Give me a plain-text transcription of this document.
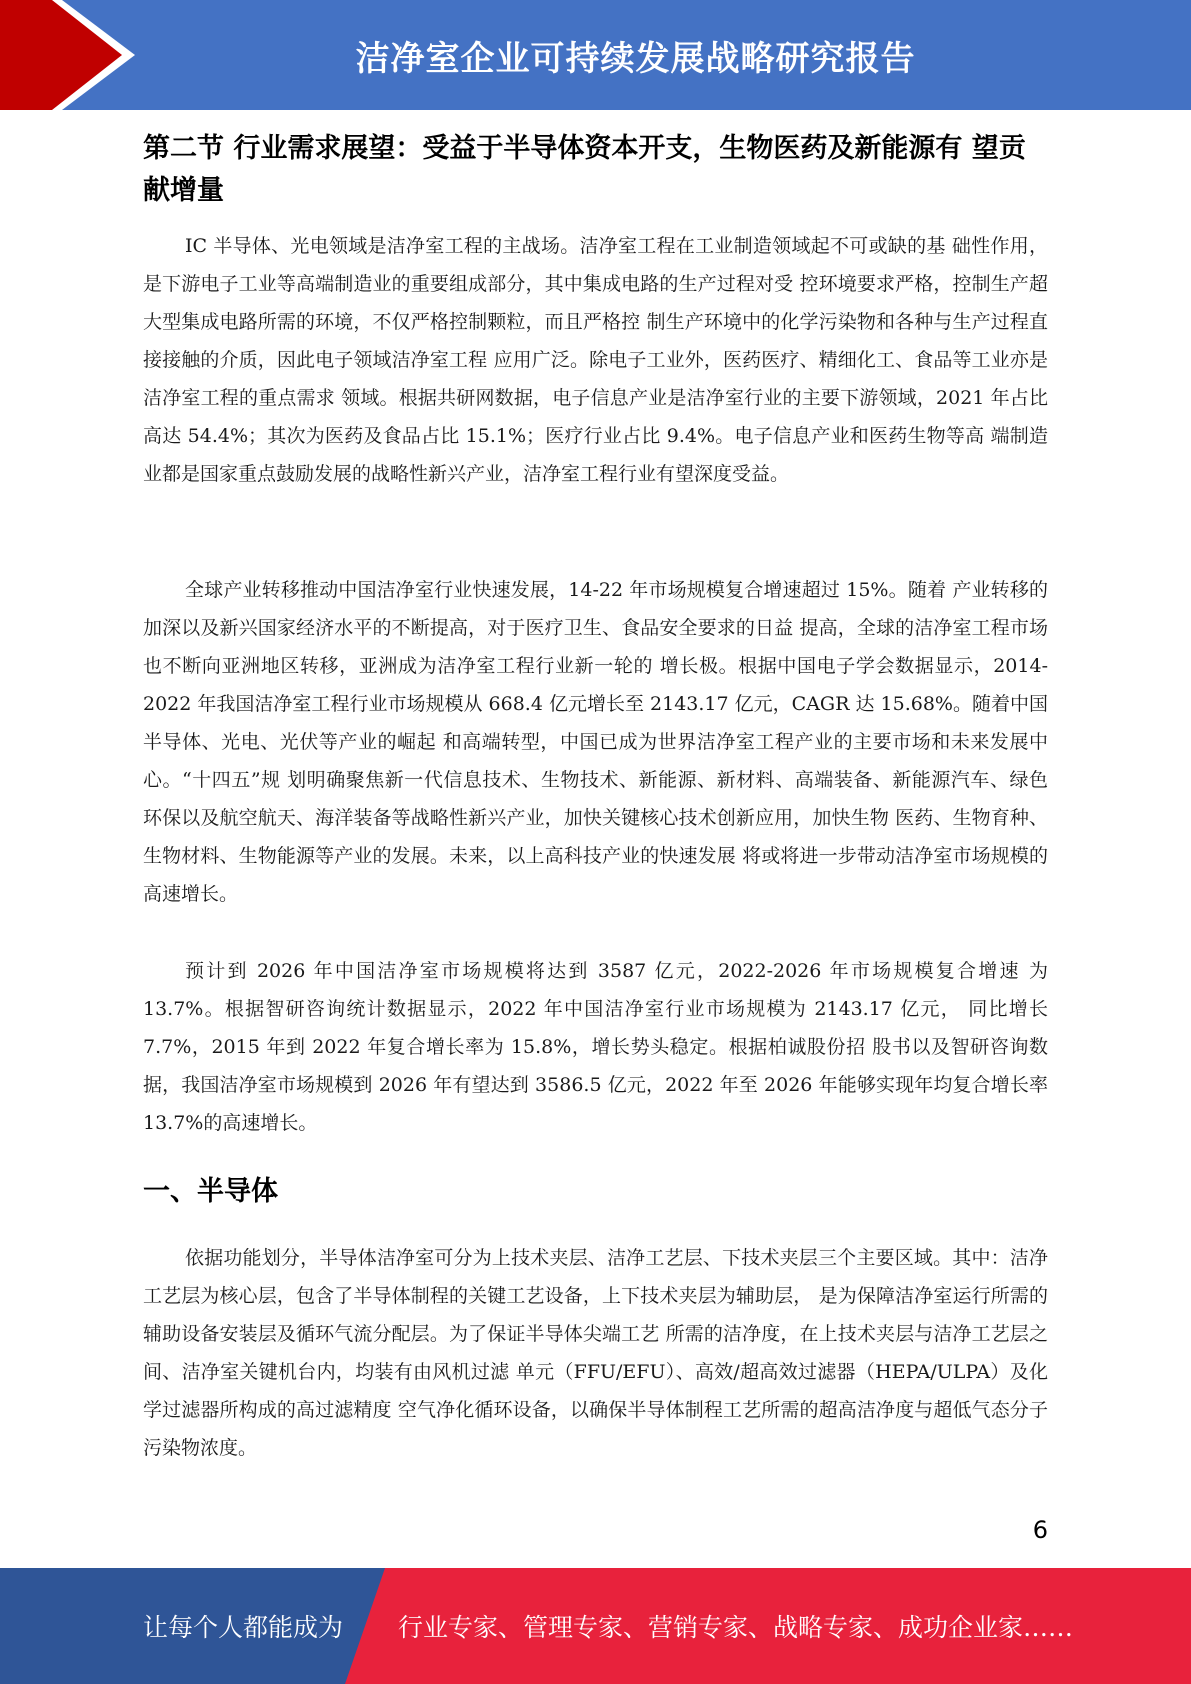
洁净室企业可持续发展战略研究报告
第二节 行业需求展望：受益于半导体资本开支，生物医药及新能源有 望贡献增量

IC 半导体、光电领域是洁净室工程的主战场。洁净室工程在工业制造领域起不可或缺的基 础性作用，是下游电子工业等高端制造业的重要组成部分，其中集成电路的生产过程对受 控环境要求严格，控制生产超大型集成电路所需的环境，不仅严格控制颗粒，而且严格控 制生产环境中的化学污染物和各种与生产过程直接接触的介质，因此电子领域洁净室工程 应用广泛。除电子工业外，医药医疗、精细化工、食品等工业亦是洁净室工程的重点需求 领域。根据共研网数据，电子信息产业是洁净室行业的主要下游领域，2021 年占比高达 54.4%；其次为医药及食品占比 15.1%；医疗行业占比 9.4%。电子信息产业和医药生物等高 端制造业都是国家重点鼓励发展的战略性新兴产业，洁净室工程行业有望深度受益。

全球产业转移推动中国洁净室行业快速发展，14-22 年市场规模复合增速超过 15%。随着 产业转移的加深以及新兴国家经济水平的不断提高，对于医疗卫生、食品安全要求的日益 提高，全球的洁净室工程市场也不断向亚洲地区转移，亚洲成为洁净室工程行业新一轮的 增长极。根据中国电子学会数据显示，2014-2022 年我国洁净室工程行业市场规模从 668.4 亿元增长至 2143.17 亿元，CAGR 达 15.68%。随着中国半导体、光电、光伏等产业的崛起 和高端转型，中国已成为世界洁净室工程产业的主要市场和未来发展中心。“十四五”规 划明确聚焦新一代信息技术、生物技术、新能源、新材料、高端装备、新能源汽车、绿色 环保以及航空航天、海洋装备等战略性新兴产业，加快关键核心技术创新应用，加快生物 医药、生物育种、生物材料、生物能源等产业的发展。未来，以上高科技产业的快速发展 将或将进一步带动洁净室市场规模的高速增长。

预计到 2026 年中国洁净室市场规模将达到 3587 亿元，2022-2026 年市场规模复合增速 为 13.7%。根据智研咨询统计数据显示，2022 年中国洁净室行业市场规模为 2143.17 亿元， 同比增长 7.7%，2015 年到 2022 年复合增长率为 15.8%，增长势头稳定。根据柏诚股份招 股书以及智研咨询数据，我国洁净室市场规模到 2026 年有望达到 3586.5 亿元，2022 年至 2026 年能够实现年均复合增长率 13.7%的高速增长。

一、半导体

依据功能划分，半导体洁净室可分为上技术夹层、洁净工艺层、下技术夹层三个主要区域。其中：洁净工艺层为核心层，包含了半导体制程的关键工艺设备，上下技术夹层为辅助层， 是为保障洁净室运行所需的辅助设备安装层及循环气流分配层。为了保证半导体尖端工艺 所需的洁净度，在上技术夹层与洁净工艺层之间、洁净室关键机台内，均装有由风机过滤 单元（FFU/EFU）、高效/超高效过滤器（HEPA/ULPA）及化学过滤器所构成的高过滤精度 空气净化循环设备，以确保半导体制程工艺所需的超高洁净度与超低气态分子污染物浓度。

6
让每个人都能成为 行业专家、管理专家、营销专家、战略专家、成功企业家……
